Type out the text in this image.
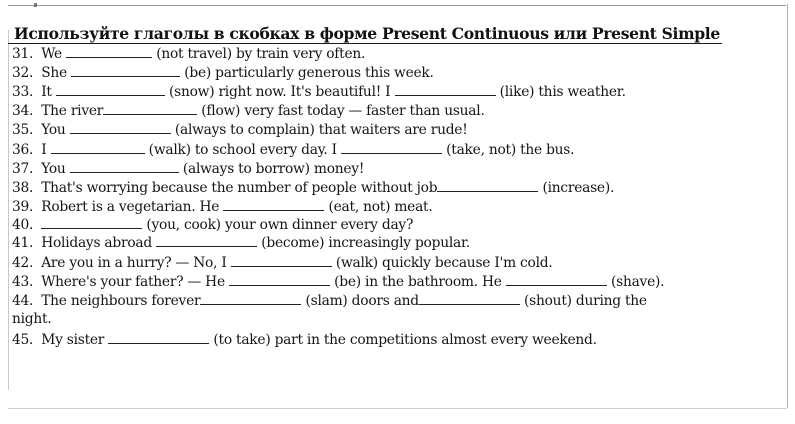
Используйте глаголы в скобках в форме Present Continuous или Present Simple
31. We	(not travel) by train very often.
32. She	(be) particularly generous this week.
33. It	(snow) right now. It's beautiful! I	(like) this weather.
34. The river	(flow) very fast today — faster than usual.
35. You	(always to complain) that waiters are rude!
36. I	(walk) to school every day. I	(take, not) the bus.
37. You	(always to borrow) money!
38. That's worrying because the number of people without job	(increase).
39. Robert is a vegetarian. He	(eat, not) meat.
40.	(you, cook) your own dinner every day?
41. Holidays abroad	(become) increasingly popular.
42. Are you in a hurry? — No, I	(walk) quickly because I'm cold.
43. Where's your father? — He	(be) in the bathroom. He	(shave).
44. The neighbours forever	(slam) doors and	(shout) during the
45. My sister	(to take) part in the competitions almost every weekend.
night.
